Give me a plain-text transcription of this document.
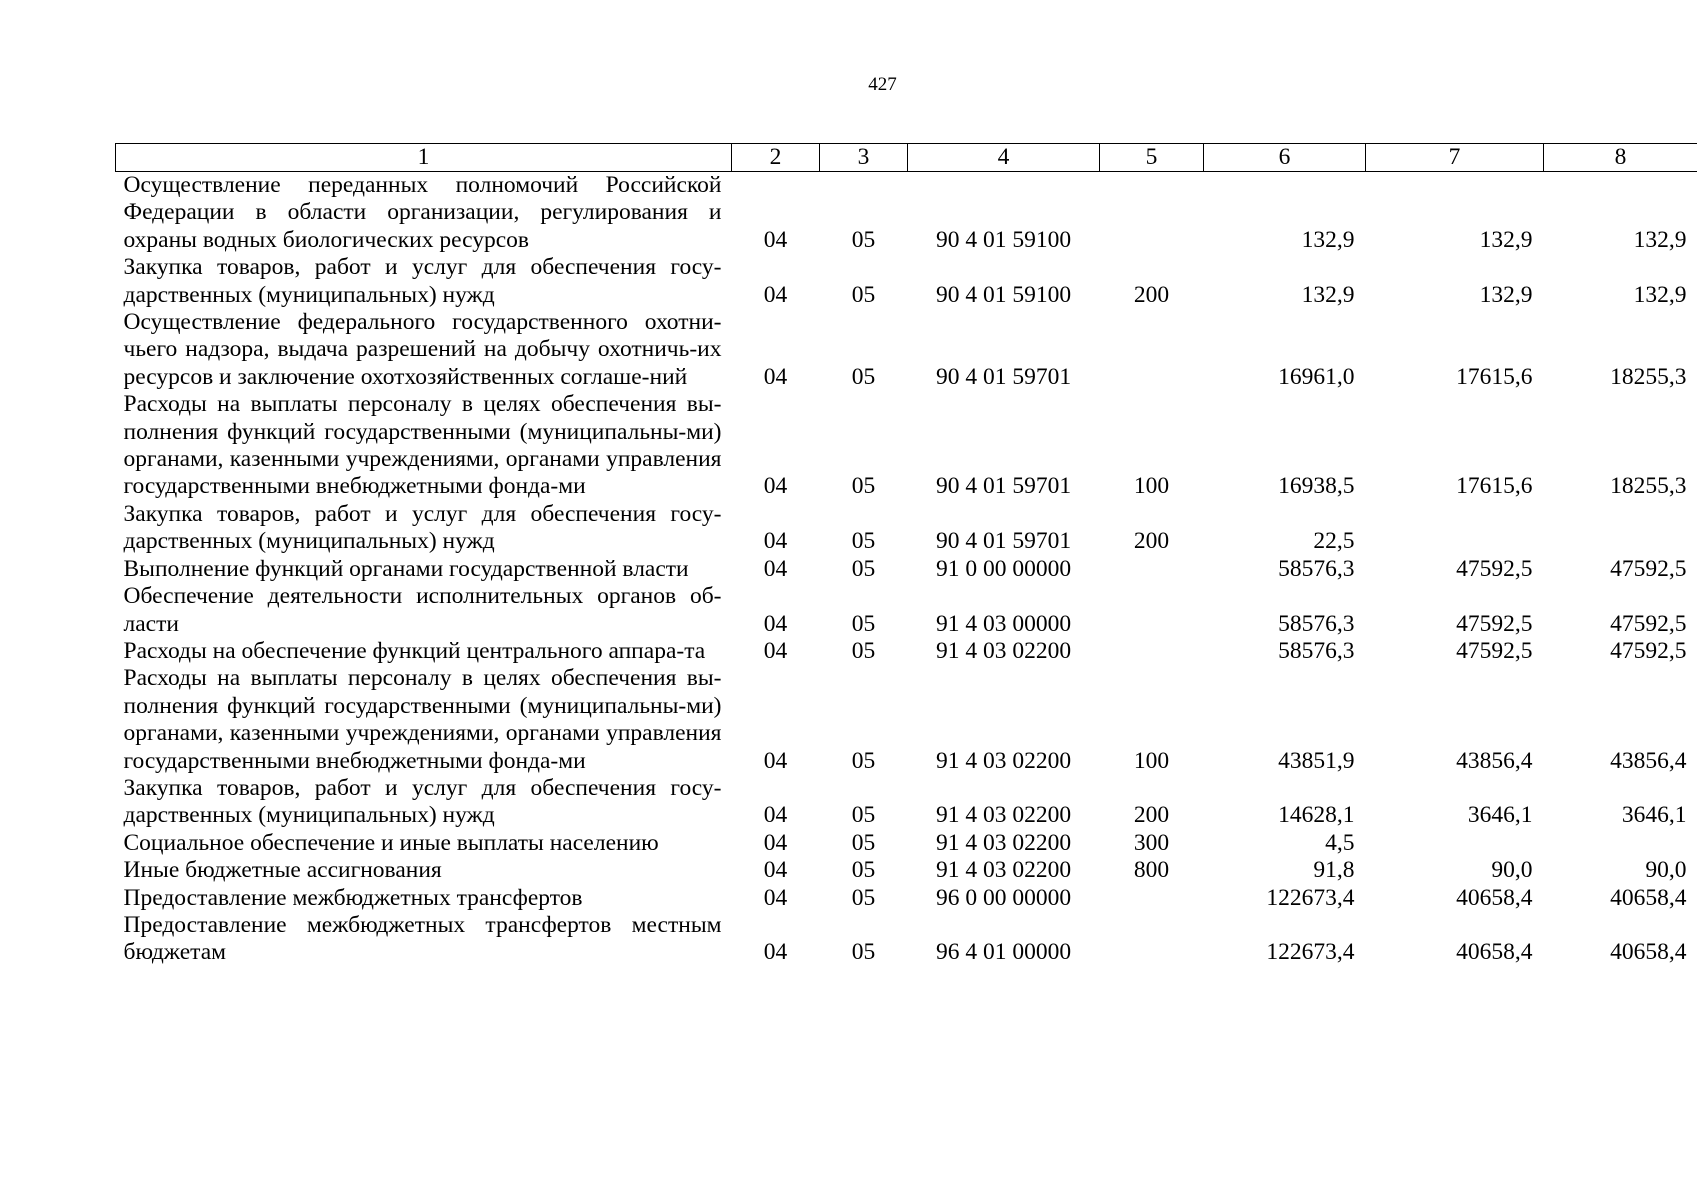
427
1	2	3	4	5	6	7	8
Осуществление переданных полномочий Российской Федерации в области организации, регулирования и охраны водных биологических ресурсов	04	05	90 4 01 59100		132,9	132,9	132,9
Закупка товаров, работ и услуг для обеспечения госу-дарственных (муниципальных) нужд	04	05	90 4 01 59100	200	132,9	132,9	132,9
Осуществление федерального государственного охотни-чьего надзора, выдача разрешений на добычу охотничь-их ресурсов и заключение охотхозяйственных соглаше-ний	04	05	90 4 01 59701		16961,0	17615,6	18255,3
Расходы на выплаты персоналу в целях обеспечения вы-полнения функций государственными (муниципальны-ми) органами, казенными учреждениями, органами управления государственными внебюджетными фонда-ми	04	05	90 4 01 59701	100	16938,5	17615,6	18255,3
Закупка товаров, работ и услуг для обеспечения госу-дарственных (муниципальных) нужд	04	05	90 4 01 59701	200	22,5		
Выполнение функций органами государственной власти	04	05	91 0 00 00000		58576,3	47592,5	47592,5
Обеспечение деятельности исполнительных органов об-ласти	04	05	91 4 03 00000		58576,3	47592,5	47592,5
Расходы на обеспечение функций центрального аппара-та	04	05	91 4 03 02200		58576,3	47592,5	47592,5
Расходы на выплаты персоналу в целях обеспечения вы-полнения функций государственными (муниципальны-ми) органами, казенными учреждениями, органами управления государственными внебюджетными фонда-ми	04	05	91 4 03 02200	100	43851,9	43856,4	43856,4
Закупка товаров, работ и услуг для обеспечения госу-дарственных (муниципальных) нужд	04	05	91 4 03 02200	200	14628,1	3646,1	3646,1
Социальное обеспечение и иные выплаты населению	04	05	91 4 03 02200	300	4,5		
Иные бюджетные ассигнования	04	05	91 4 03 02200	800	91,8	90,0	90,0
Предоставление межбюджетных трансфертов	04	05	96 0 00 00000		122673,4	40658,4	40658,4
Предоставление межбюджетных трансфертов местным бюджетам	04	05	96 4 01 00000		122673,4	40658,4	40658,4
